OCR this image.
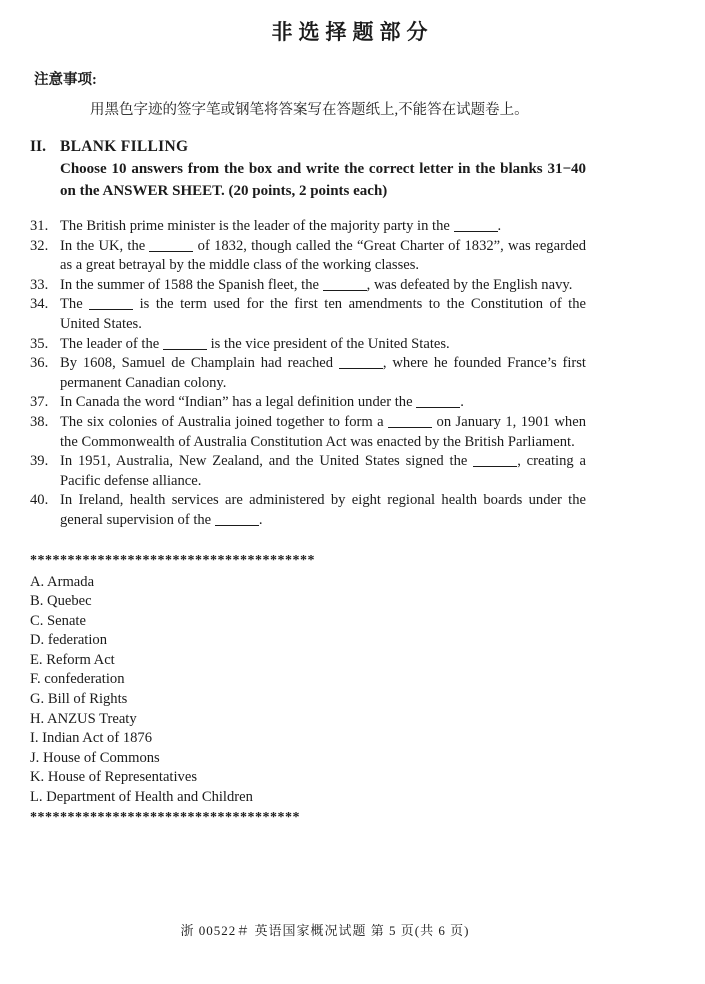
非选择题部分
注意事项:
用黑色字迹的签字笔或钢笔将答案写在答题纸上,不能答在试题卷上。
II. BLANK FILLING
Choose 10 answers from the box and write the correct letter in the blanks 31−40 on the ANSWER SHEET. (20 points, 2 points each)
31. The British prime minister is the leader of the majority party in the	.
32. In the UK, the	of 1832, though called the “Great Charter of 1832”, was regarded as a great betrayal by the middle class of the working classes.
33. In the summer of 1588 the Spanish fleet, the	, was defeated by the English navy.
34. The	is the term used for the first ten amendments to the Constitution of the United States.
35. The leader of the	is the vice president of the United States.
36. By 1608, Samuel de Champlain had reached	, where he founded France’s first permanent Canadian colony.
37. In Canada the word “Indian” has a legal definition under the	.
38. The six colonies of Australia joined together to form a	on January 1, 1901 when the Commonwealth of Australia Constitution Act was enacted by the British Parliament.
39. In 1951, Australia, New Zealand, and the United States signed the	, creating a Pacific defense alliance.
40. In Ireland, health services are administered by eight regional health boards under the general supervision of the	.
**************************************
A. Armada
B. Quebec
C. Senate
D. federation
E. Reform Act
F. confederation
G. Bill of Rights
H. ANZUS Treaty
I. Indian Act of 1876
J. House of Commons
K. House of Representatives
L. Department of Health and Children
************************************
浙 00522＃ 英语国家概况试题 第 5 页(共 6 页)
